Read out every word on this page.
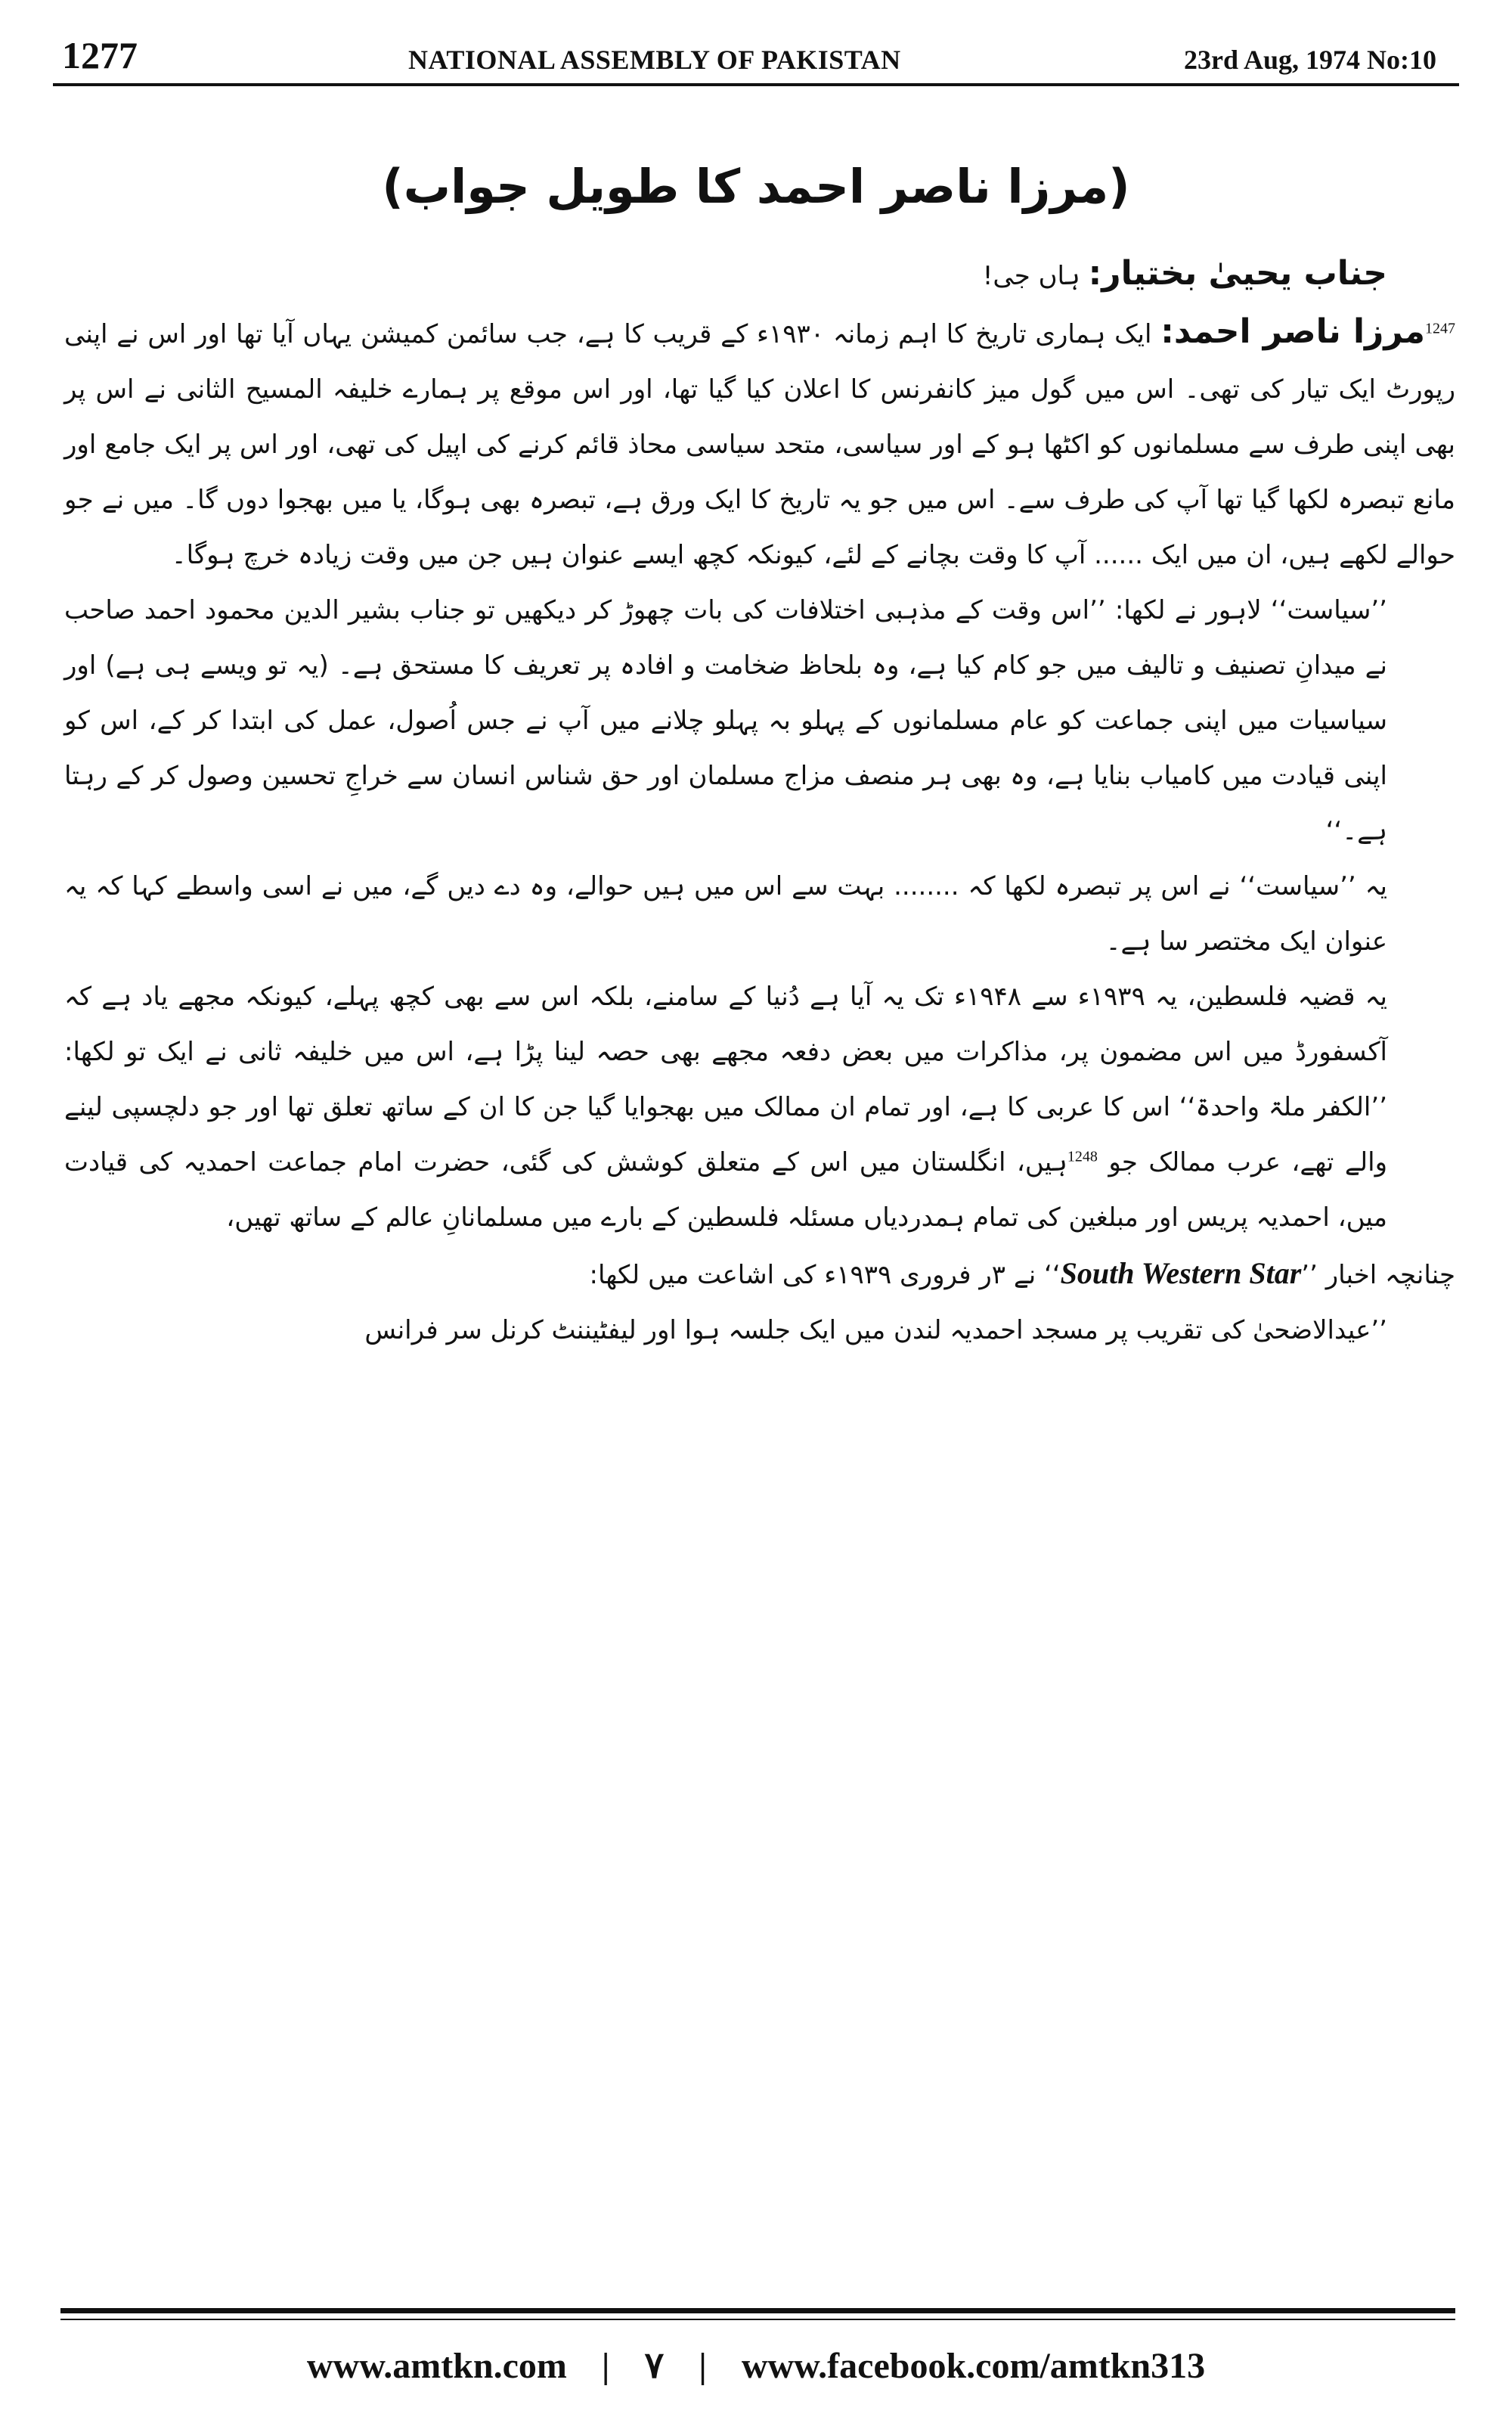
1277	NATIONAL ASSEMBLY OF PAKISTAN	23rd Aug, 1974 No:10
(مرزا ناصر احمد کا طویل جواب)

جناب یحییٰ بختیار: ہاں جی!

$^{1247}$مرزا ناصر احمد: ایک ہماری تاریخ کا اہم زمانہ ۱۹۳۰ء کے قریب کا ہے، جب سائمن کمیشن یہاں آیا تھا اور اس نے اپنی رپورٹ ایک تیار کی تھی۔ اس میں گول میز کانفرنس کا اعلان کیا گیا تھا، اور اس موقع پر ہمارے خلیفہ المسیح الثانی نے اس پر بھی اپنی طرف سے مسلمانوں کو اکٹھا ہو کے اور سیاسی، متحد سیاسی محاذ قائم کرنے کی اپیل کی تھی، اور اس پر ایک جامع اور مانع تبصرہ لکھا گیا تھا آپ کی طرف سے۔ اس میں جو یہ تاریخ کا ایک ورق ہے، تبصرہ بھی ہوگا، یا میں بھجوا دوں گا۔ میں نے جو حوالے لکھے ہیں، ان میں ایک ...... آپ کا وقت بچانے کے لئے، کیونکہ کچھ ایسے عنوان ہیں جن میں وقت زیادہ خرچ ہوگا۔

’’سیاست‘‘ لاہور نے لکھا: ’’اس وقت کے مذہبی اختلافات کی بات چھوڑ کر دیکھیں تو جناب بشیر الدین محمود احمد صاحب نے میدانِ تصنیف و تالیف میں جو کام کیا ہے، وہ بلحاظ ضخامت و افادہ پر تعریف کا مستحق ہے۔ (یہ تو ویسے ہی ہے) اور سیاسیات میں اپنی جماعت کو عام مسلمانوں کے پہلو بہ پہلو چلانے میں آپ نے جس اُصول، عمل کی ابتدا کر کے، اس کو اپنی قیادت میں کامیاب بنایا ہے، وہ بھی ہر منصف مزاج مسلمان اور حق شناس انسان سے خراجِ تحسین وصول کر کے رہتا ہے۔‘‘

یہ ’’سیاست‘‘ نے اس پر تبصرہ لکھا کہ ........ بہت سے اس میں ہیں حوالے، وہ دے دیں گے، میں نے اسی واسطے کہا کہ یہ عنوان ایک مختصر سا ہے۔

یہ قضیہ فلسطین، یہ ۱۹۳۹ء سے ۱۹۴۸ء تک یہ آیا ہے دُنیا کے سامنے، بلکہ اس سے بھی کچھ پہلے، کیونکہ مجھے یاد ہے کہ آکسفورڈ میں اس مضمون پر، مذاکرات میں بعض دفعہ مجھے بھی حصہ لینا پڑا ہے، اس میں خلیفہ ثانی نے ایک تو لکھا: ’’الکفر ملۃ واحدۃ‘‘ اس کا عربی کا ہے، اور تمام ان ممالک میں بھجوایا گیا جن کا ان کے ساتھ تعلق تھا اور جو دلچسپی لینے والے تھے، عرب ممالک جو $^{1248}$ہیں، انگلستان میں اس کے متعلق کوشش کی گئی، حضرت امام جماعت احمدیہ کی قیادت میں، احمدیہ پریس اور مبلغین کی تمام ہمدردیاں مسئلہ فلسطین کے بارے میں مسلمانانِ عالم کے ساتھ تھیں،

چنانچہ اخبار ’’South Western Star‘‘ نے ۳ر فروری ۱۹۳۹ء کی اشاعت میں لکھا:

’’عیدالاضحیٰ کی تقریب پر مسجد احمدیہ لندن میں ایک جلسہ ہوا اور لیفٹیننٹ کرنل سر فرانس

www.amtkn.com | ٧ | www.facebook.com/amtkn313
